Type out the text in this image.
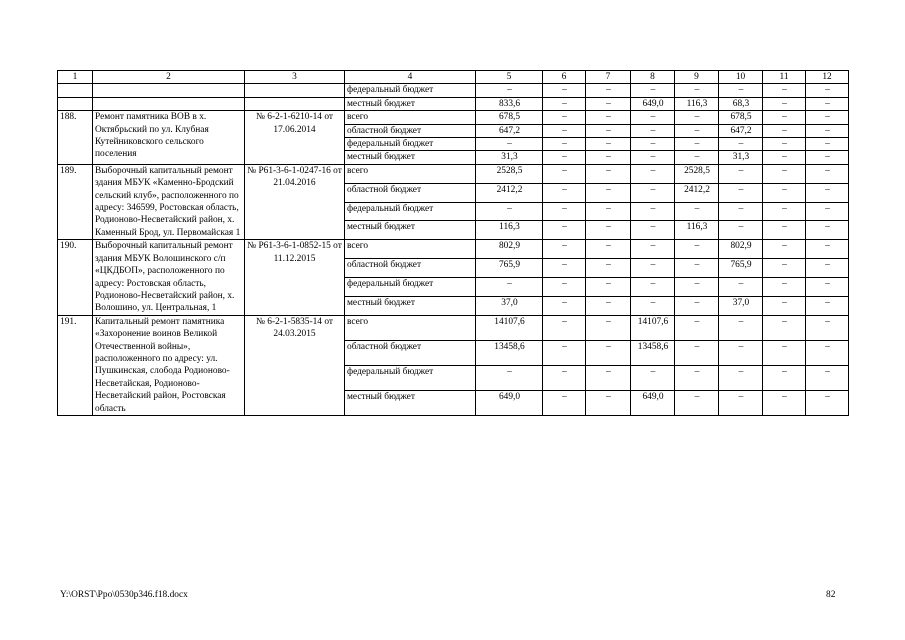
1	2	3	4	5	6	7	8	9	10	11	12
			федеральный бюджет	–	–	–	–	–	–	–	–
			местный бюджет	833,6	–	–	649,0	116,3	68,3	–	–
188.	Ремонт памятника ВОВ в х. Октябрьский по ул. Клубная Кутейниковского сельского поселения	№ 6-2-1-6210-14 от 17.06.2014	всего	678,5	–	–	–	–	678,5	–	–
			областной бюджет	647,2	–	–	–	–	647,2	–	–
			федеральный бюджет	–	–	–	–	–	–	–	–
			местный бюджет	31,3	–	–	–	–	31,3	–	–
189.	Выборочный капитальный ремонт здания МБУК «Каменно-Бродский сельский клуб», расположенного по адресу: 346599, Ростовская область, Родионово-Несветайский район, х. Каменный Брод, ул. Первомайская 1	№ Р61-3-6-1-0247-16 от 21.04.2016	всего	2528,5	–	–	–	2528,5	–	–	–
			областной бюджет	2412,2	–	–	–	2412,2	–	–	–
			федеральный бюджет	–	–	–	–	–	–	–	–
			местный бюджет	116,3	–	–	–	116,3	–	–	–
190.	Выборочный капитальный ремонт здания МБУК Волошинского с/п «ЦКДБОП», расположенного по адресу: Ростовская область, Родионово-Несветайский район, х. Волошино, ул. Центральная, 1	№ Р61-3-6-1-0852-15 от 11.12.2015	всего	802,9	–	–	–	–	802,9	–	–
			областной бюджет	765,9	–	–	–	–	765,9	–	–
			федеральный бюджет	–	–	–	–	–	–	–	–
			местный бюджет	37,0	–	–	–	–	37,0	–	–
191.	Капитальный ремонт памятника «Захоронение воинов Великой Отечественной войны», расположенного по адресу: ул. Пушкинская, слобода Родионово-Несветайская, Родионово-Несветайский район, Ростовская область	№ 6-2-1-5835-14 от 24.03.2015	всего	14107,6	–	–	14107,6	–	–	–	–
			областной бюджет	13458,6	–	–	13458,6	–	–	–	–
			федеральный бюджет	–	–	–	–	–	–	–	–
			местный бюджет	649,0	–	–	649,0	–	–	–	–
Y:\ORST\Ppo\0530p346.f18.docx	82
